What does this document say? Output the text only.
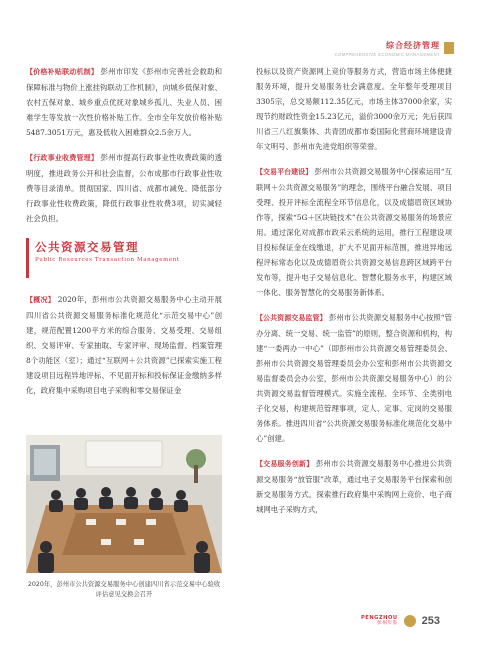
综合经济管理
COMPREHENSIVE ECONOMIC MANAGEMENT

【价格补贴联动机制】 彭州市印发《彭州市完善社会救助和保障标准与物价上涨挂钩联动工作机制》，向城乡低保对象、农村五保对象、城乡重点优抚对象城乡孤儿、失业人员、困难学生等发放一次性价格补贴工作。全市全年发放价格补贴5487.3051万元，惠及低收入困难群众2.5余万人。

【行政事业收费管理】 彭州市提高行政事业性收费政策的透明度，推进政务公开和社会监督，公布成都市行政事业性收费等目录清单。贯彻国家、四川省、成都市减免、降低部分行政事业性收费政策，降低行政事业性收费3项，切实减轻社会负担。

公共资源交易管理
Public Resources Transaction Management

【概况】 2020年，彭州市公共资源交易服务中心主动开展四川省公共资源交易服务标准化规范化“示范交易中心”创建，规范配置1200平方米的综合服务、交易受理、交易组织、交易评审、专家抽取、专家评审、现场监督、档案管理8个功能区（室）；通过“互联网＋公共资源”已探索实施工程建设项目远程异地评标、不见面开标和投标保证金缴纳多样化，政府集中采购项目电子采购和零交易保证金

2020年，彭州市公共资源交易服务中心创建四川省示范交易中心验收评估意见交换会召开

投标以及资产资源网上竞价等服务方式，营造市场主体便捷服务环境，提升交易服务社会满意度。全年整年受理项目3305宗，总交易额112.35亿元，市场主体37000余家，实现节约财政性资金15.23亿元，溢价3000余万元；先后获四川省三八红旗集体、共青团成都市委国际化营商环境建设青年文明号、彭州市先进党组织等荣誉。

【交易平台建设】 彭州市公共资源交易服务中心探索运用“互联网＋公共资源交易服务”的理念，围绕平台融合发展、项目受理、投开评标全流程全环节信息化，以及成德眉资区域协作等，探索“5G＋区块链技术”在公共资源交易服务的场景应用。通过深化对成都市政采云系统的运用，推行工程建设项目投标保证金在线缴退，扩大不见面开标范围，推进异地远程评标常态化以及成德眉资公共资源交易信息跨区域跨平台发布等，提升电子交易信息化、智慧化服务水平，构建区域一体化、服务智慧化的交易服务新体系。

【公共资源交易监管】 彭州市公共资源交易服务中心按照“管办分离、统一交易、统一监管”的原则，整合资源和机构，构建“一委两办一中心”（即彭州市公共资源交易管理委员会、彭州市公共资源交易管理委员会办公室和彭州市公共资源交易监督委员会办公室，彭州市公共资源交易服务中心）的公共资源交易监督管理模式。实施全流程、全环节、全类别电子化交易，构建规范管理事项，定人、定事、定岗的交易服务体系。推进四川省“公共资源交易服务标准化规范化交易中心”创建。

【交易服务创新】 彭州市公共资源交易服务中心推进公共资源交易服务“放管服”改革，通过电子交易服务平台探索和创新交易服务方式。探索推行政府集中采购网上竞价、电子商城网电子采购方式，

PENGZHOU
彭州年鉴 253
